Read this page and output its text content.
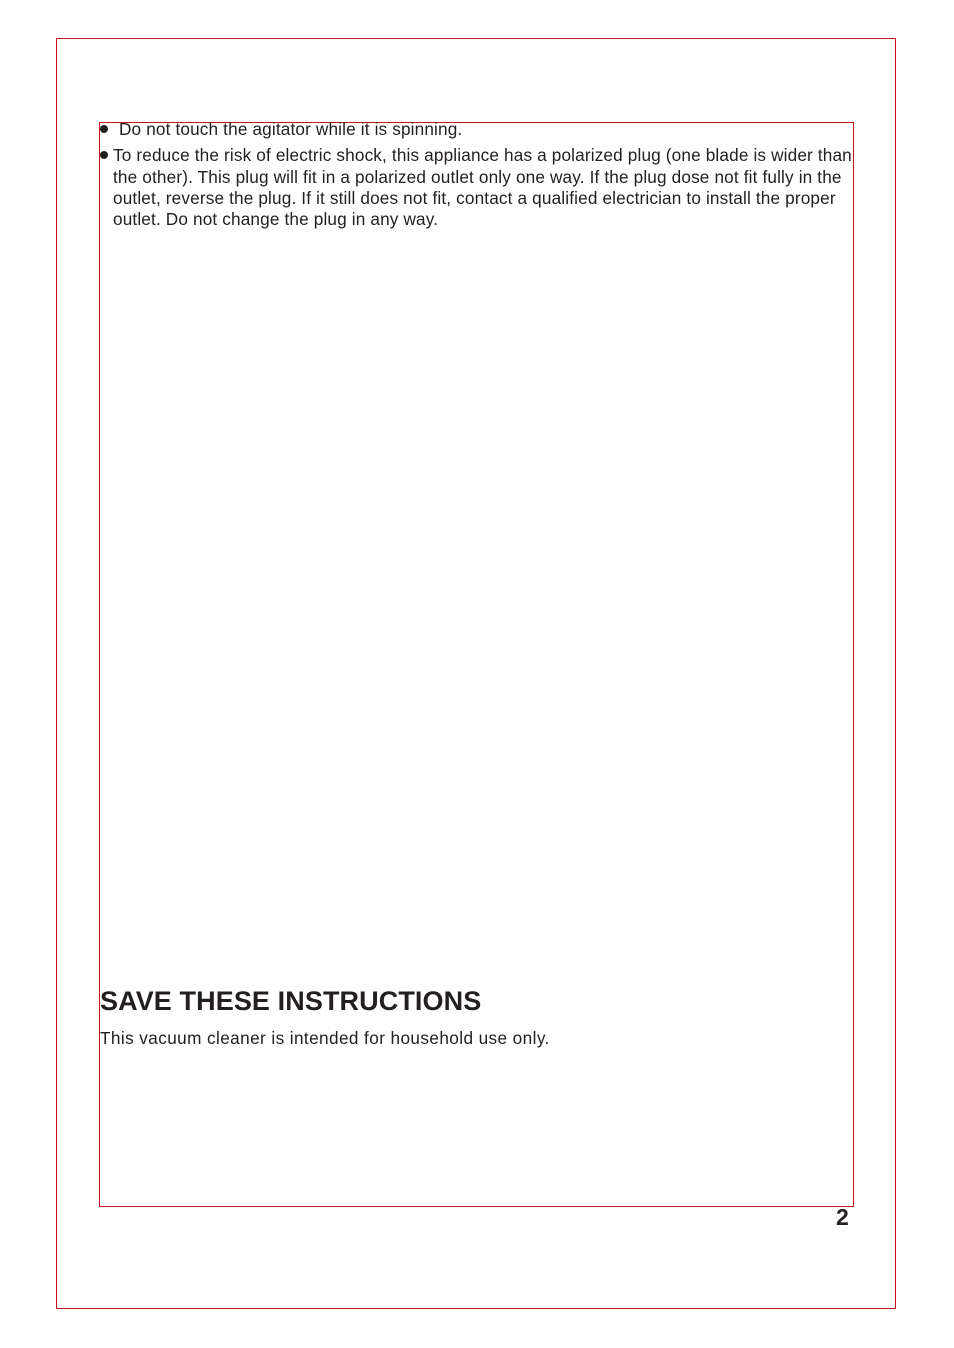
Do not touch the agitator while it is spinning.
To reduce the risk of electric shock, this appliance has a polarized plug (one blade is wider than the other). This plug will fit in a polarized outlet only one way. If the plug dose not fit fully in the outlet, reverse the plug. If it still does not fit, contact a qualified electrician to install the proper outlet. Do not change the plug in any way.
SAVE THESE INSTRUCTIONS

This vacuum cleaner is intended for household use only.

2
